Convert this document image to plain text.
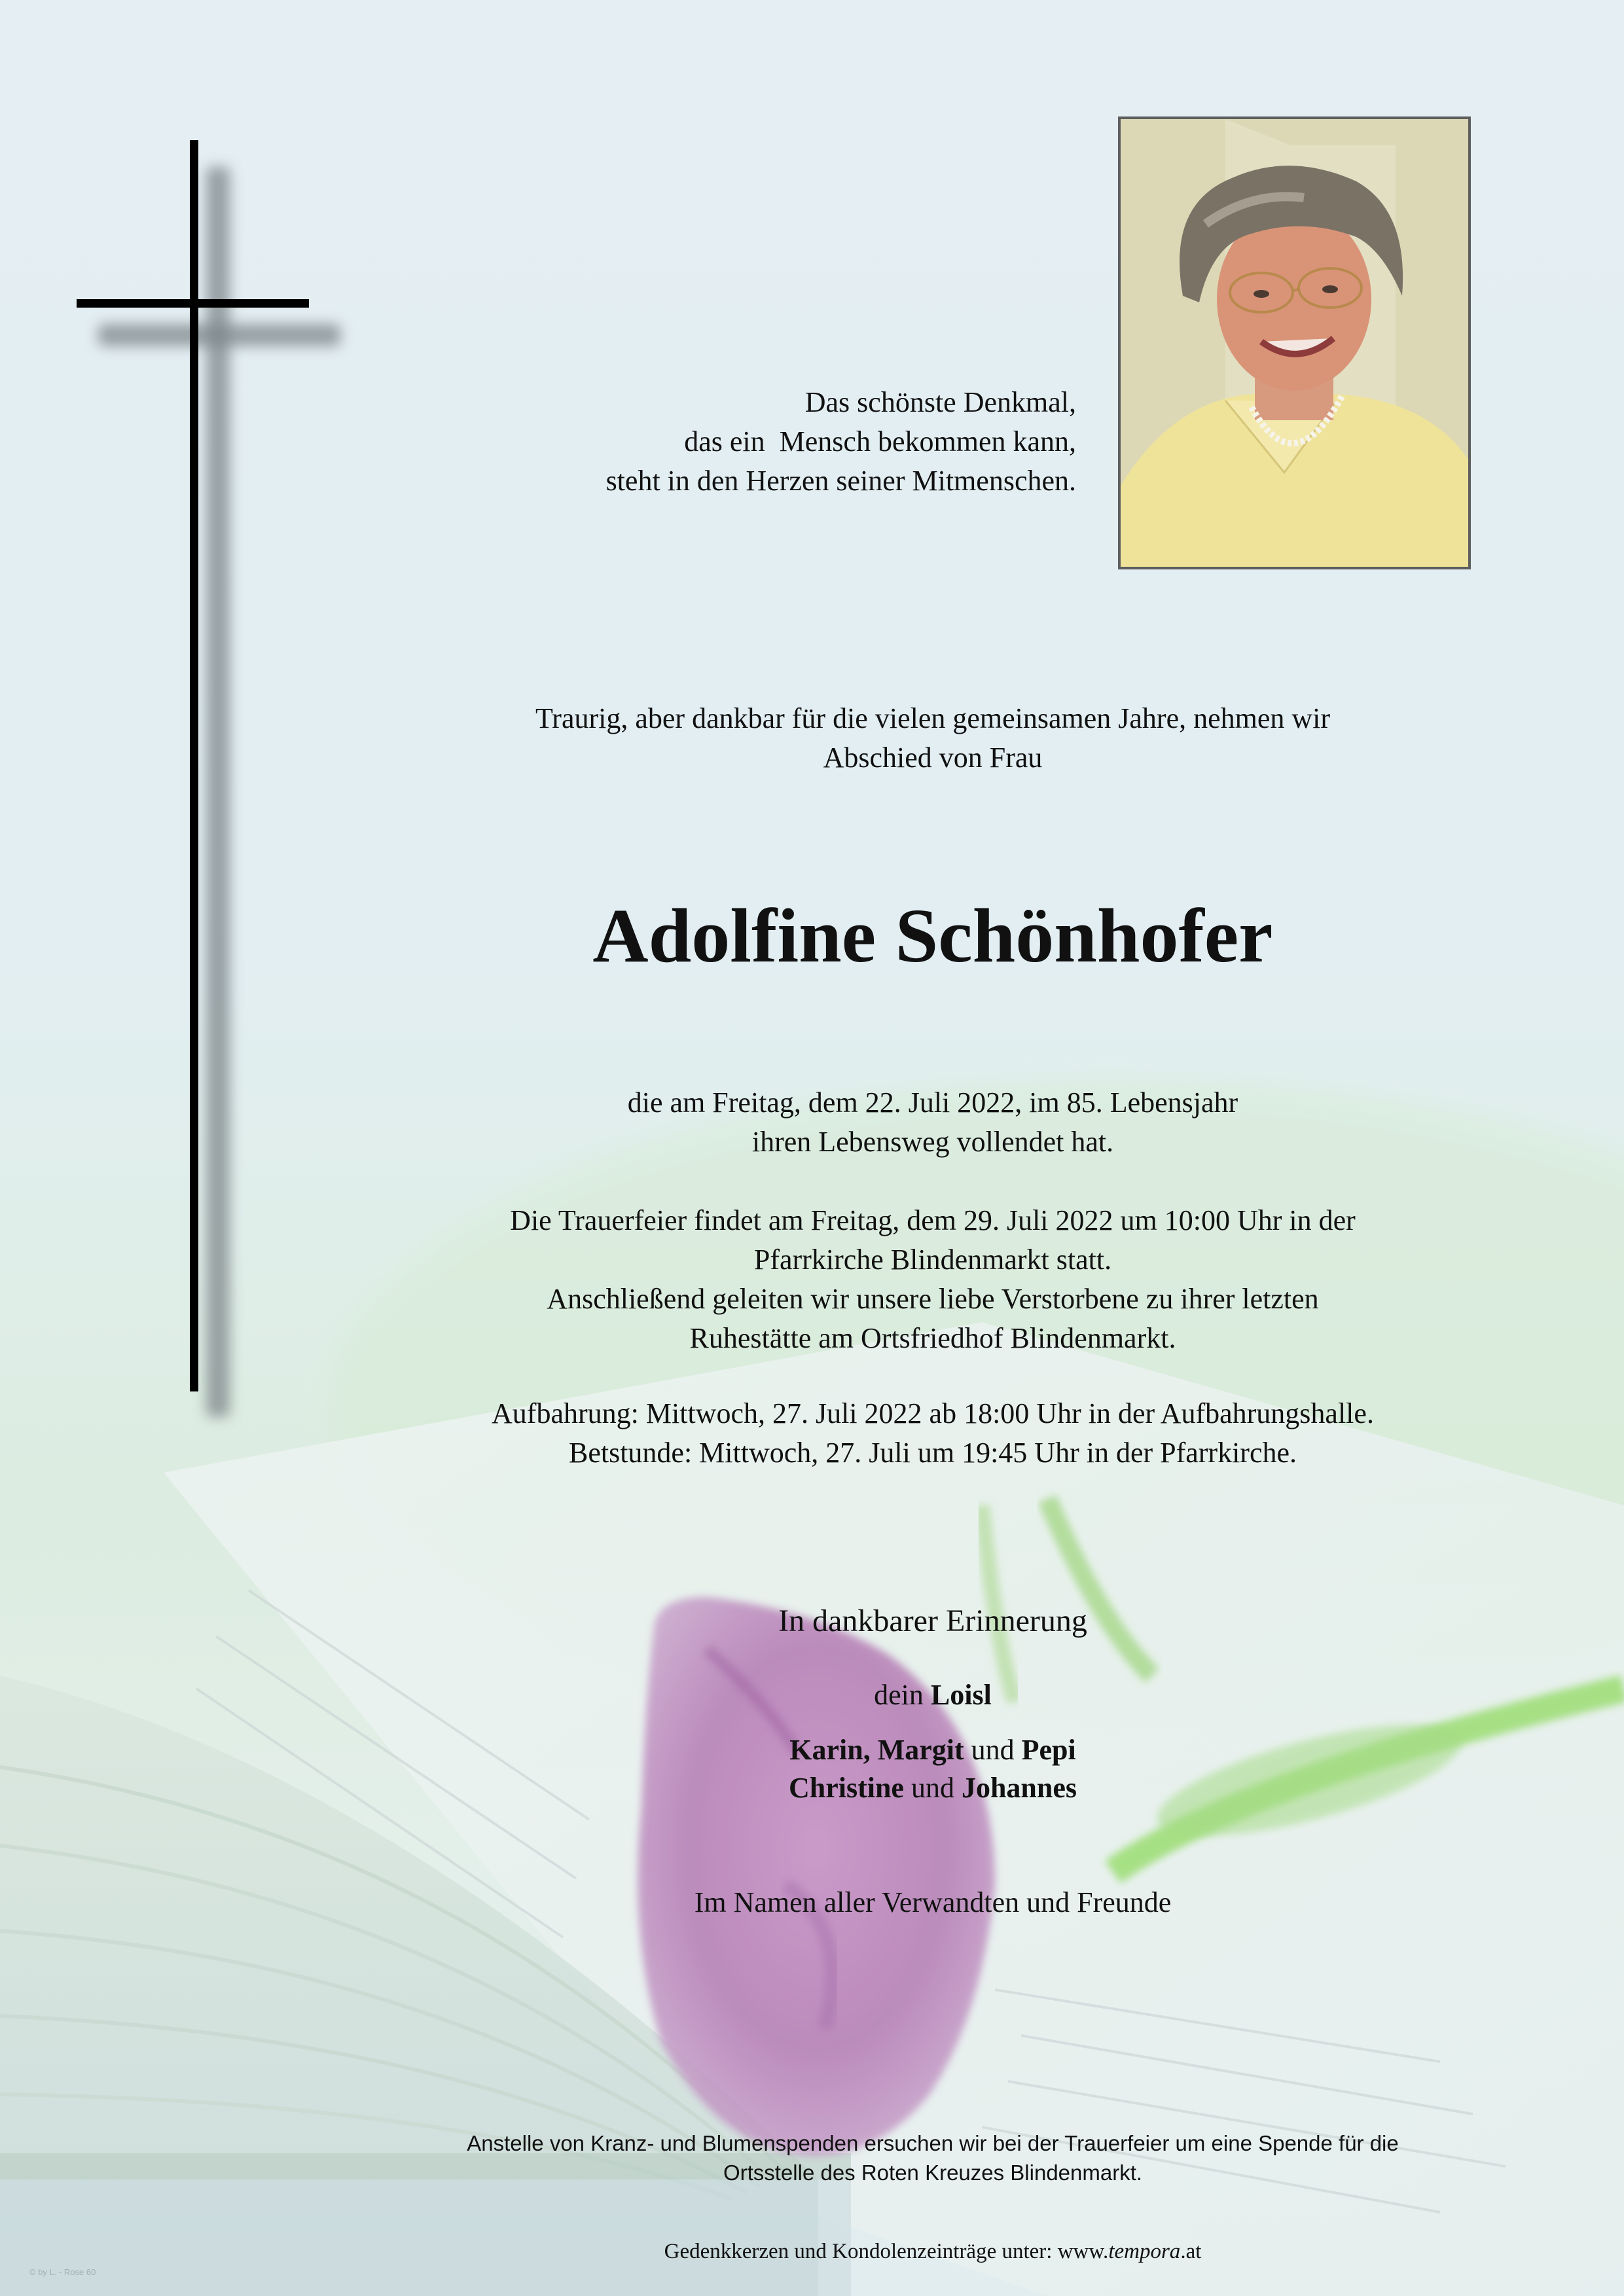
Das schönste Denkmal,
das ein  Mensch bekommen kann,
steht in den Herzen seiner Mitmenschen.
Traurig, aber dankbar für die vielen gemeinsamen Jahre, nehmen wir
Abschied von Frau
Adolfine Schönhofer
die am Freitag, dem 22. Juli 2022, im 85. Lebensjahr
ihren Lebensweg vollendet hat.
Die Trauerfeier findet am Freitag, dem 29. Juli 2022 um 10:00 Uhr in der
Pfarrkirche Blindenmarkt statt.
Anschließend geleiten wir unsere liebe Verstorbene zu ihrer letzten
Ruhestätte am Ortsfriedhof Blindenmarkt.
Aufbahrung: Mittwoch, 27. Juli 2022 ab 18:00 Uhr in der Aufbahrungshalle.
Betstunde: Mittwoch, 27. Juli um 19:45 Uhr in der Pfarrkirche.
In dankbarer Erinnerung
dein Loisl
Karin, Margit und Pepi
Christine und Johannes
Im Namen aller Verwandten und Freunde
Anstelle von Kranz- und Blumenspenden ersuchen wir bei der Trauerfeier um eine Spende für die
Ortsstelle des Roten Kreuzes Blindenmarkt.
Gedenkkerzen und Kondolenzeinträge unter: www.tempora.at
© by L. - Rose 60
